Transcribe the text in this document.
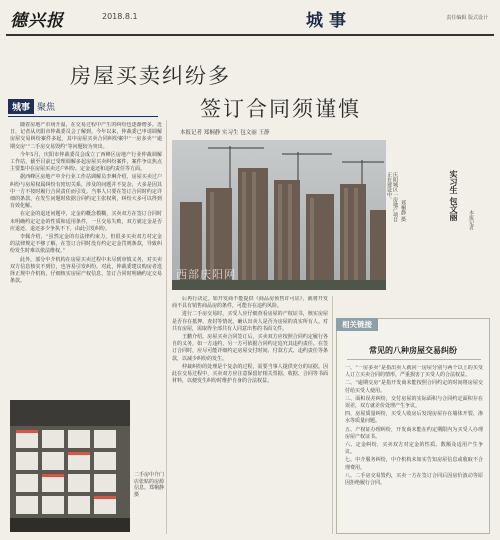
德兴报	2018.8.1	城事	责任编辑 版式设计
房屋买卖纠纷多
签订合同须谨慎
本报记者 郑桐静 实习生 包文丽 王静
城事 聚焦

随着房地产市场升温，在交易过程中产生的纠纷也逐渐增多。近日，记者从庆阳市仲裁委员会了解到，今年以来，仲裁委已申请调解房屋交易纠纷案件多起，其中房屋买卖合同纠纷案中“一房多卖”“逾期交房”“二手房交易毁约”等问题较为突出。

今年5月，庆阳市仲裁委员会成立了西峰区房地产行业仲裁调解工作站，截至目前已受理调解多起房屋买卖纠纷案件，案件争议焦点主要集中在房屋买卖过户纠纷、定金退还和违约责任等方面。

据西峰区房地产中介行业工作站调解员李琳介绍，房屋买卖过户纠纷与房屋权属纠纷有密切关系，涉及的问题并不复杂，大多是因其中一方不按时履行合同责任而引发。当事人只要在签订合同时约定详细的条款，在发生问题时依据合同约定主张权利，纠纷大多可以得到有效化解。

在定金的退还问题中，定金的概念模糊，买卖双方在签订合同时未明确约定定金的性质和适用条件，一旦交易失败，双方就定金是否应退还、退还多少争执不下，由此引发纠纷。

李佩介绍，“虽然定金的有法律约束力，但很多买卖双方对定金的法律规定不够了解，在签订合同时没有约定定金罚则条款，导致纠纷发生时难以依法维权。”

此外，部分中介机构在房屋买卖过程中未尽到审慎义务，对买卖双方信息核实不到位，也容易引发纠纷。对此，仲裁委建议购房者选择正规中介机构，仔细核实房屋产权信息，签订合同时明确约定交易条款。

西部庆阳网
庆阳城区一房地产项目正在建设中。
郑桐静 摄	实习生 包文丽 本报记者

后再行决定。如开发商不能提供《商品房预售许可证》，就将开发商不具有销售商品房的条件，可能存在违约风险。

进行二手房交易时，买受人应仔细查看房屋的产权证书，核实房屋是否存在抵押、查封等情况，确认出卖人是否为房屋的真实所有人。对共有房屋，需取得全部共有人同意出售的书面文件。

王鹏介绍，房屋买卖合同签订后，买卖双方应按照合同约定履行各自的义务，如一方违约，另一方可依据合同约定追究其违约责任。在签订合同时，应尽可能详细约定房屋交付时间、付款方式、违约责任等条款，以减少纠纷的发生。

仲裁纠纷的处理是个复杂的过程，需要当事人提供充分的证据。因此在交易过程中，买卖双方应注意保留好相关票据、收据、合同等书面材料，以便发生纠纷时维护自身的合法权益。

二手房中介门店张贴的房源信息。郑桐静 摄
相关链接
常见的八种房屋交易纠纷

一、“一房多卖”是指出卖人就同一房屋分别与两个以上的买受人订立买卖合同的情形，严重损害了买受人的合法权益。

二、“逾期交房”是指开发商未能按照合同约定的时间将房屋交付给买受人使用。

三、面积误差纠纷，交付房屋的实际面积与合同约定面积存在误差，双方就差价处理产生争议。

四、房屋质量纠纷，买受人收房后发现房屋存在墙体开裂、渗水等质量问题。

五、产权证办理纠纷，开发商未能在约定期限内为买受人办理房屋产权证书。

六、定金纠纷，买卖双方对定金的性质、数额及适用产生争议。

七、中介服务纠纷，中介机构未如实告知房屋信息或收取不合理费用。

八、二手房交易毁约，买卖一方在签订合同后因房价波动等原因拒绝履行合同。
